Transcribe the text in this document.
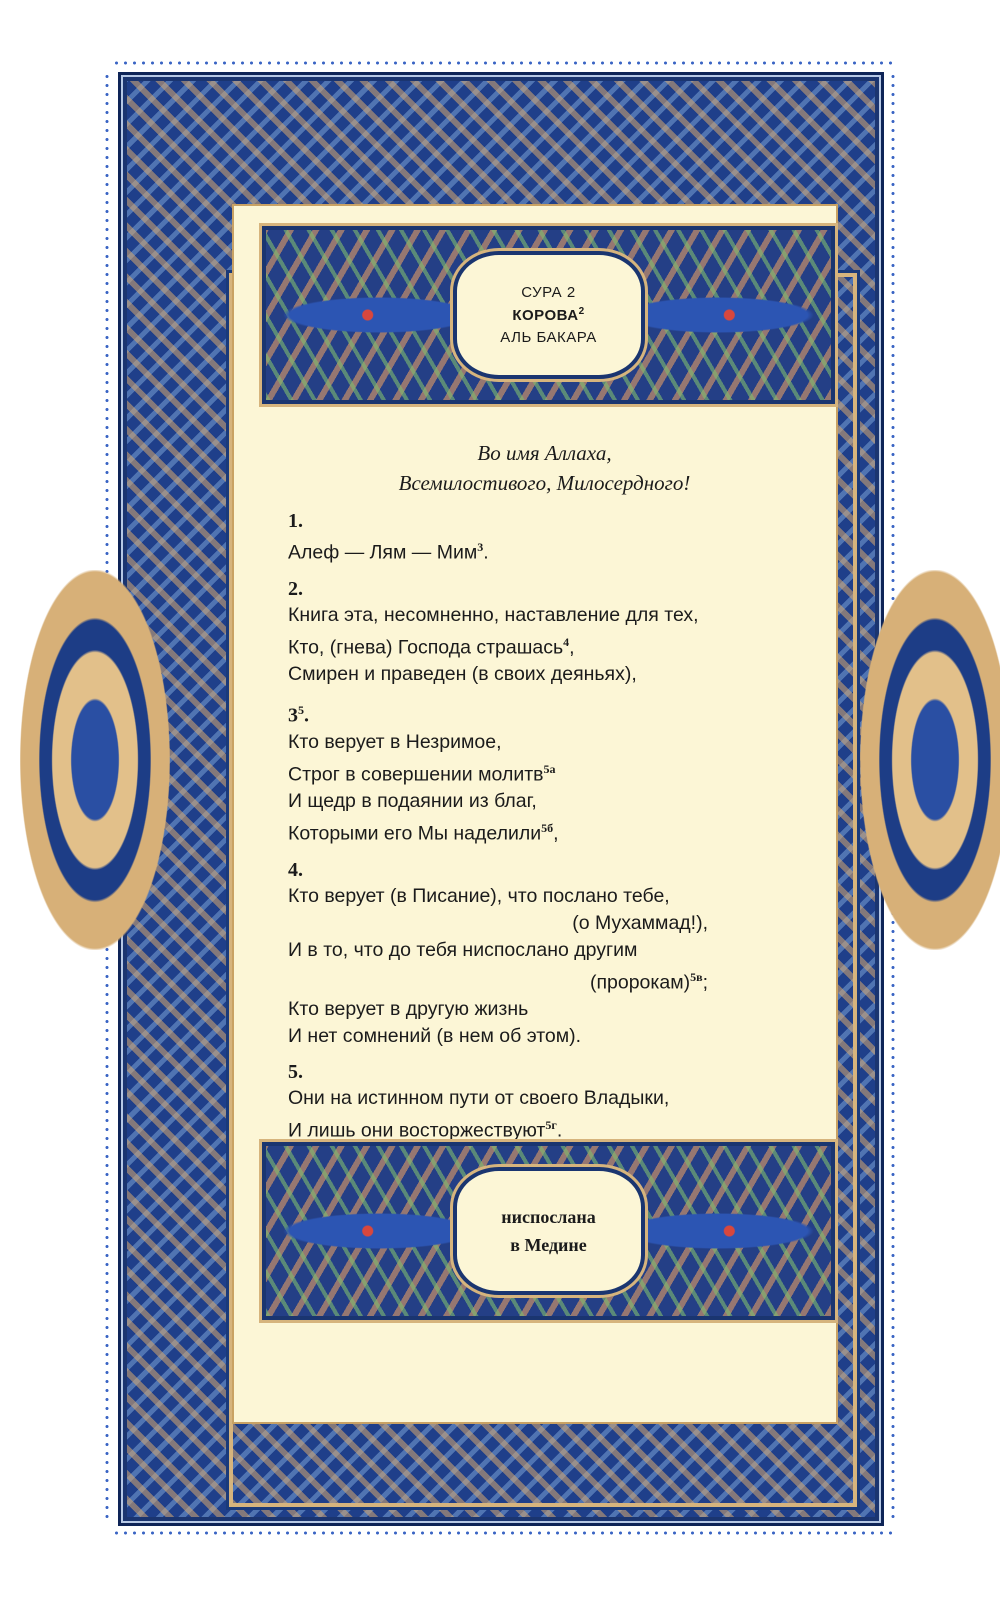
СУРА 2
КОРОВА$^2$
АЛЬ БАКАРА
Во имя Аллаха,
Всемилостивого, Милосердного!
1.
Алеф — Лям — Мим$^3$.
2.
Книга эта, несомненно, наставление для тех,
Кто, (гнева) Господа страшась$^4$,
Смирен и праведен (в своих деяньях),
$3^5$.
Кто верует в Незримое,
Строг в совершении молитв$^{5а}$
И щедр в подаянии из благ,
Которыми его Мы наделили$^{5б}$,
4.
Кто верует (в Писание), что послано тебе,
(о Мухаммад!),
И в то, что до тебя ниспослано другим
(пророкам)$^{5в}$;
Кто верует в другую жизнь
И нет сомнений (в нем об этом).
5.
Они на истинном пути от своего Владыки,
И лишь они восторжествуют$^{5г}$.
ниспослана
в Медине
